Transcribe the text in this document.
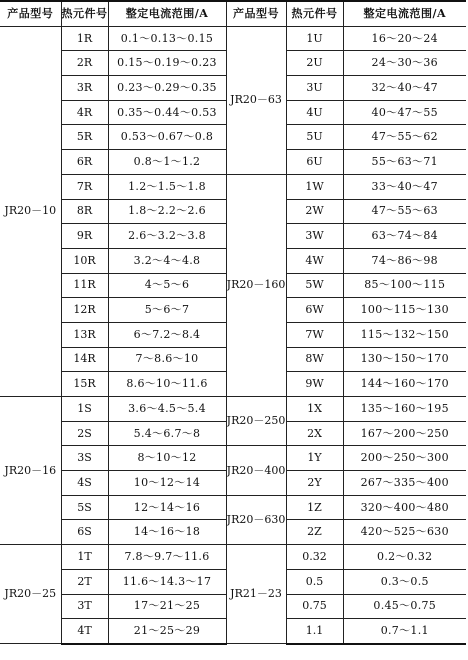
产品型号	热元件号	整定电流范围/A	产品型号	热元件号	整定电流范围/A
JR20－10	1R	0.1～0.13～0.15	JR20－63	1U	16～20～24
	2R	0.15～0.19～0.23		2U	24～30～36
	3R	0.23～0.29～0.35		3U	32～40～47
	4R	0.35～0.44～0.53		4U	40～47～55
	5R	0.53～0.67～0.8		5U	47～55～62
	6R	0.8～1～1.2		6U	55～63～71
	7R	1.2～1.5～1.8	JR20－160	1W	33～40～47
	8R	1.8～2.2～2.6		2W	47～55～63
	9R	2.6～3.2～3.8		3W	63～74～84
	10R	3.2～4～4.8		4W	74～86～98
	11R	4～5～6		5W	85～100～115
	12R	5～6～7		6W	100～115～130
	13R	6～7.2～8.4		7W	115～132～150
	14R	7～8.6～10		8W	130～150～170
	15R	8.6～10～11.6		9W	144～160～170
JR20－16	1S	3.6～4.5～5.4	JR20－250	1X	135～160～195
	2S	5.4～6.7～8		2X	167～200～250
	3S	8～10～12	JR20－400	1Y	200～250～300
	4S	10～12～14		2Y	267～335～400
	5S	12～14～16	JR20－630	1Z	320～400～480
	6S	14～16～18		2Z	420～525～630
JR20－25	1T	7.8～9.7～11.6	JR21－23	0.32	0.2～0.32
	2T	11.6～14.3～17		0.5	0.3～0.5
	3T	17～21～25		0.75	0.45～0.75
	4T	21～25～29		1.1	0.7～1.1
